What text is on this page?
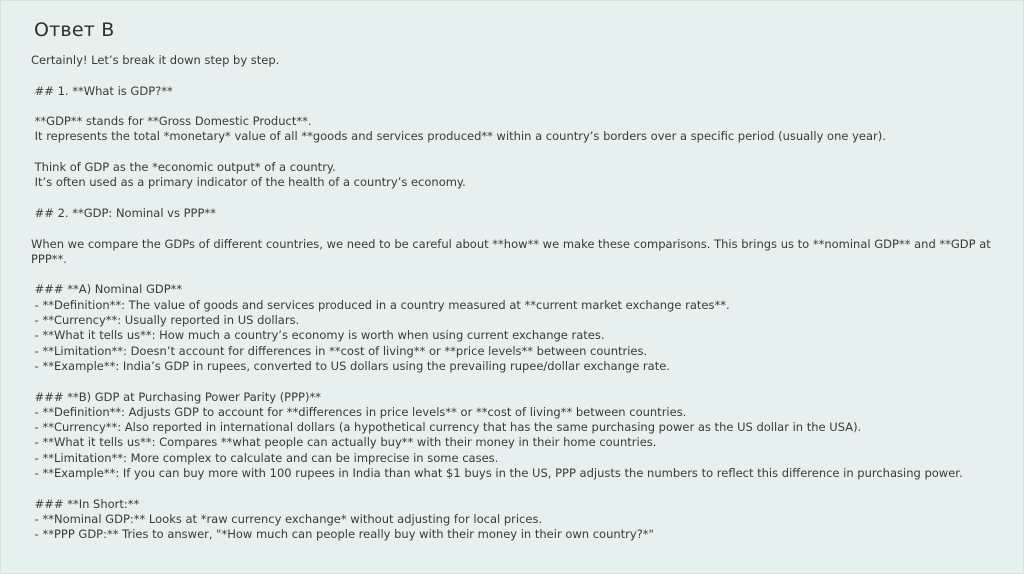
Ответ B
Certainly! Let’s break it down step by step.
## 1. **What is GDP?**
**GDP** stands for **Gross Domestic Product**.
It represents the total *monetary* value of all **goods and services produced** within a country’s borders over a specific period (usually one year).
Think of GDP as the *economic output* of a country.
It’s often used as a primary indicator of the health of a country’s economy.
## 2. **GDP: Nominal vs PPP**
When we compare the GDPs of different countries, we need to be careful about **how** we make these comparisons. This brings us to **nominal GDP** and **GDP at PPP**.
### **A) Nominal GDP**
- **Definition**: The value of goods and services produced in a country measured at **current market exchange rates**.
- **Currency**: Usually reported in US dollars.
- **What it tells us**: How much a country’s economy is worth when using current exchange rates.
- **Limitation**: Doesn’t account for differences in **cost of living** or **price levels** between countries.
- **Example**: India’s GDP in rupees, converted to US dollars using the prevailing rupee/dollar exchange rate.
### **B) GDP at Purchasing Power Parity (PPP)**
- **Definition**: Adjusts GDP to account for **differences in price levels** or **cost of living** between countries.
- **Currency**: Also reported in international dollars (a hypothetical currency that has the same purchasing power as the US dollar in the USA).
- **What it tells us**: Compares **what people can actually buy** with their money in their home countries.
- **Limitation**: More complex to calculate and can be imprecise in some cases.
- **Example**: If you can buy more with 100 rupees in India than what $1 buys in the US, PPP adjusts the numbers to reflect this difference in purchasing power.
### **In Short:**
- **Nominal GDP:** Looks at *raw currency exchange* without adjusting for local prices.
- **PPP GDP:** Tries to answer, "*How much can people really buy with their money in their own country?*"
